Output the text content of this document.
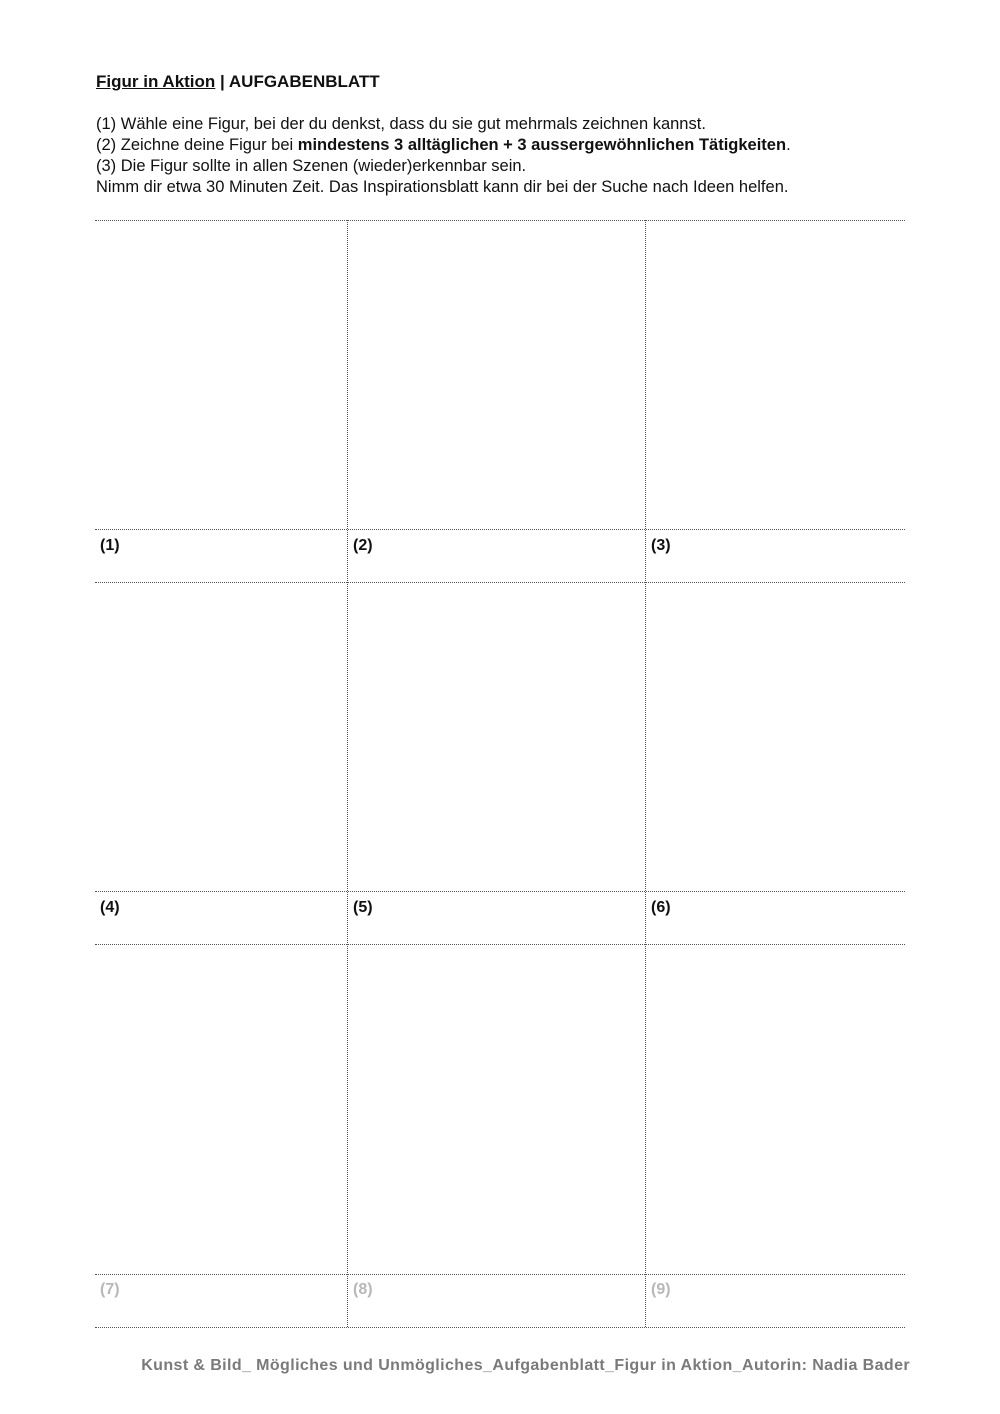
Figur in Aktion | AUFGABENBLATT
(1) Wähle eine Figur, bei der du denkst, dass du sie gut mehrmals zeichnen kannst.
(2) Zeichne deine Figur bei mindestens 3 alltäglichen + 3 aussergewöhnlichen Tätigkeiten.
(3) Die Figur sollte in allen Szenen (wieder)erkennbar sein.
Nimm dir etwa 30 Minuten Zeit. Das Inspirationsblatt kann dir bei der Suche nach Ideen helfen.
(1)	(2)	(3)
(4)	(5)	(6)
(7)	(8)	(9)
Kunst & Bild_ Mögliches und Unmögliches_Aufgabenblatt_Figur in Aktion_Autorin: Nadia Bader
